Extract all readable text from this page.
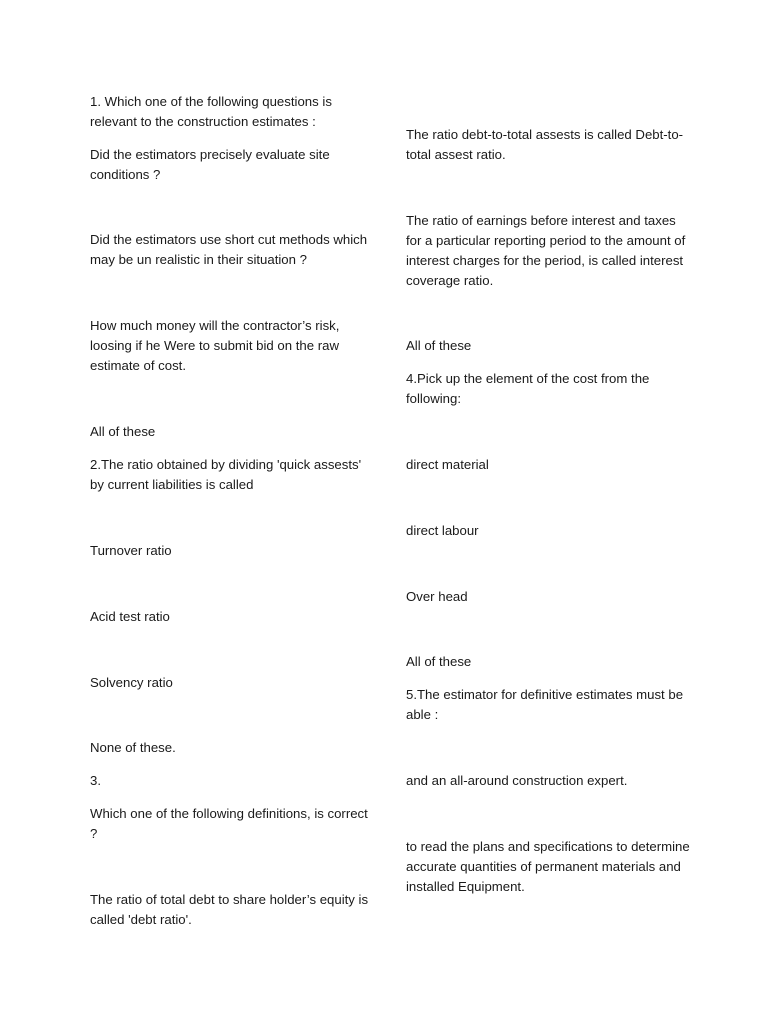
1. Which one of the following questions is relevant to the construction estimates :

Did the estimators precisely evaluate site conditions ?

Did the estimators use short cut methods which may be un realistic in their situation ?

How much money will the contractor’s risk, loosing if he Were to submit bid on the raw estimate of cost.

All of these

2.The ratio obtained by dividing 'quick assests' by current liabilities is called

Turnover ratio

Acid test ratio

Solvency ratio

None of these.

3.

Which one of the following definitions, is correct ?

The ratio of total debt to share holder’s equity is called 'debt ratio'.

The ratio debt-to-total assests is called Debt-to-total assest ratio.

The ratio of earnings before interest and taxes for a particular reporting period to the amount of interest charges for the period, is called interest coverage ratio.

All of these

4.Pick up the element of the cost from the following:

direct material

direct labour

Over head

All of these

5.The estimator for definitive estimates must be able :

and an all-around construction expert.

to read the plans and specifications to determine accurate quantities of permanent materials and installed Equipment.
